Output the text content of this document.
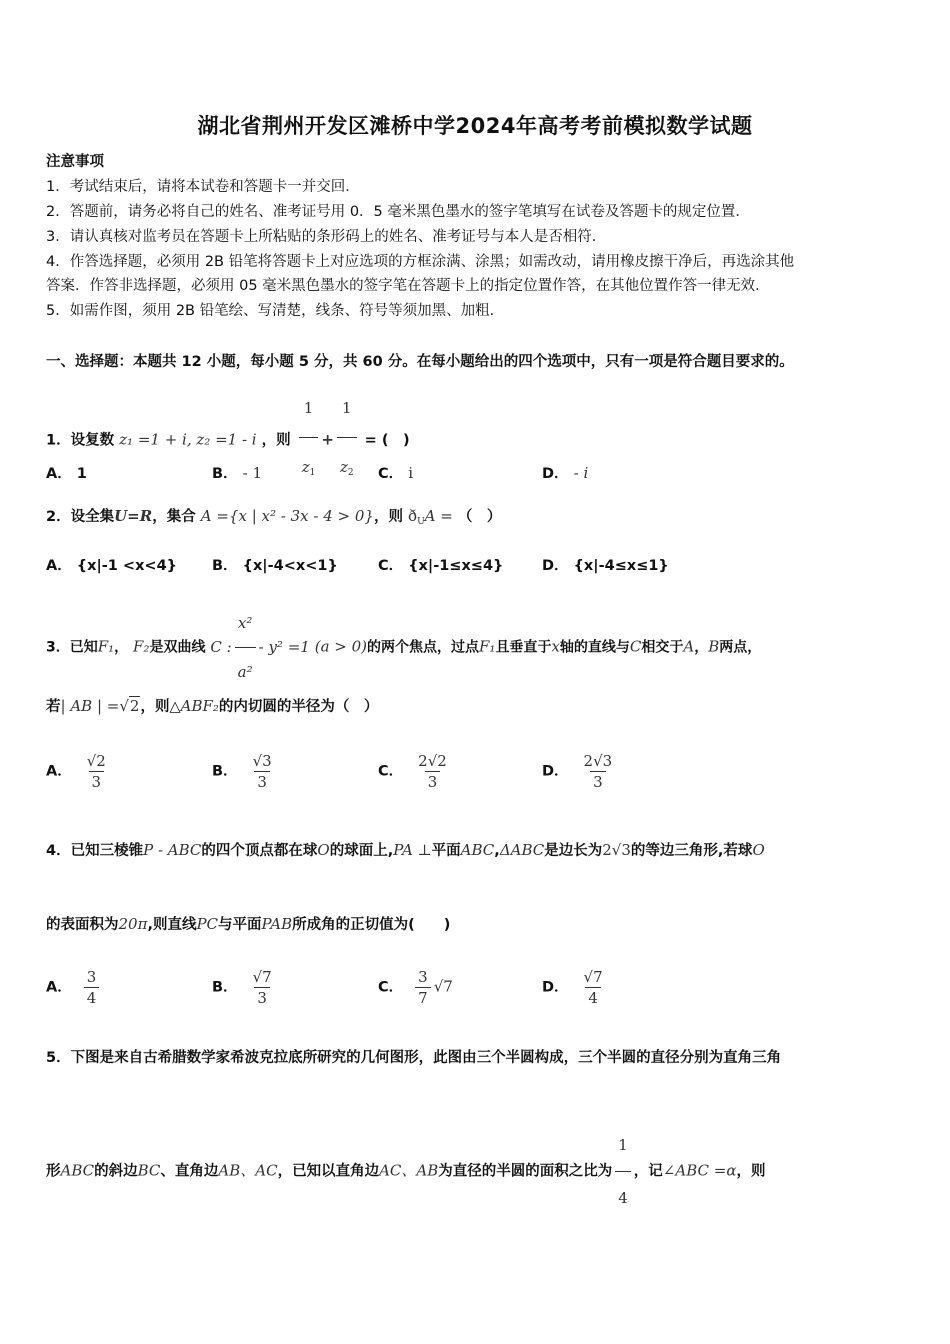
湖北省荆州开发区滩桥中学2024年高考考前模拟数学试题
注意事项
1．考试结束后，请将本试卷和答题卡一并交回．
2．答题前，请务必将自己的姓名、准考证号用 0．5 毫米黑色墨水的签字笔填写在试卷及答题卡的规定位置．
3．请认真核对监考员在答题卡上所粘贴的条形码上的姓名、准考证号与本人是否相符．
4．作答选择题，必须用 2B 铅笔将答题卡上对应选项的方框涂满、涂黑；如需改动，请用橡皮擦干净后，再选涂其他
答案．作答非选择题，必须用 05 毫米黑色墨水的签字笔在答题卡上的指定位置作答，在其他位置作答一律无效．
5．如需作图，须用 2B 铅笔绘、写清楚，线条、符号等须加黑、加粗．
一、选择题：本题共 12 小题，每小题 5 分，共 60 分。在每小题给出的四个选项中，只有一项是符合题目要求的。
1．设复数 z₁ =1 + i, z₂ =1 - i ，则 $\frac{1}{z_1} + \frac{1}{z_2}$ = (　)
A． 1	B． - 1	C． i	D． - i
2．设全集U=R，集合 A ={x | x² - 3x - 4 > 0}，则 $ð_UA$ = （　）
A． {x|-1 <x<4} B． {x|-4<x<1}	C． {x|-1≤x≤4}	D． {x|-4≤x≤1}
3．已知F₁， F₂是双曲线 C : $\frac{\text{x²}}{\text{a²}} - y^2 =1$ (a > 0)的两个焦点，过点F₁且垂直于x轴的直线与C相交于A，B两点，
若| AB | =√2，则△ABF₂的内切圆的半径为（　）
A． $\frac{√2}{3}$	B． $\frac{√3}{3}$	C． $\frac{2√2}{3}$	D． $\frac{2√3}{3}$
4．已知三棱锥P - ABC的四个顶点都在球O的球面上,PA ⊥平面ABC,ΔABC是边长为2√3的等边三角形,若球O
的表面积为20π,则直线PC与平面PAB所成角的正切值为(　　)
A． $\frac{3}{4}$	B． $\frac{√7}{3}$	C． $\frac{3}{7} √7$	D． $\frac{√7}{4}$
5．下图是来自古希腊数学家希波克拉底所研究的几何图形，此图由三个半圆构成，三个半圆的直径分别为直角三角
形ABC的斜边BC、直角边AB、AC，已知以直角边AC、AB为直径的半圆的面积之比为 $\frac{1}{4}$ ，记∠ABC =α，则
